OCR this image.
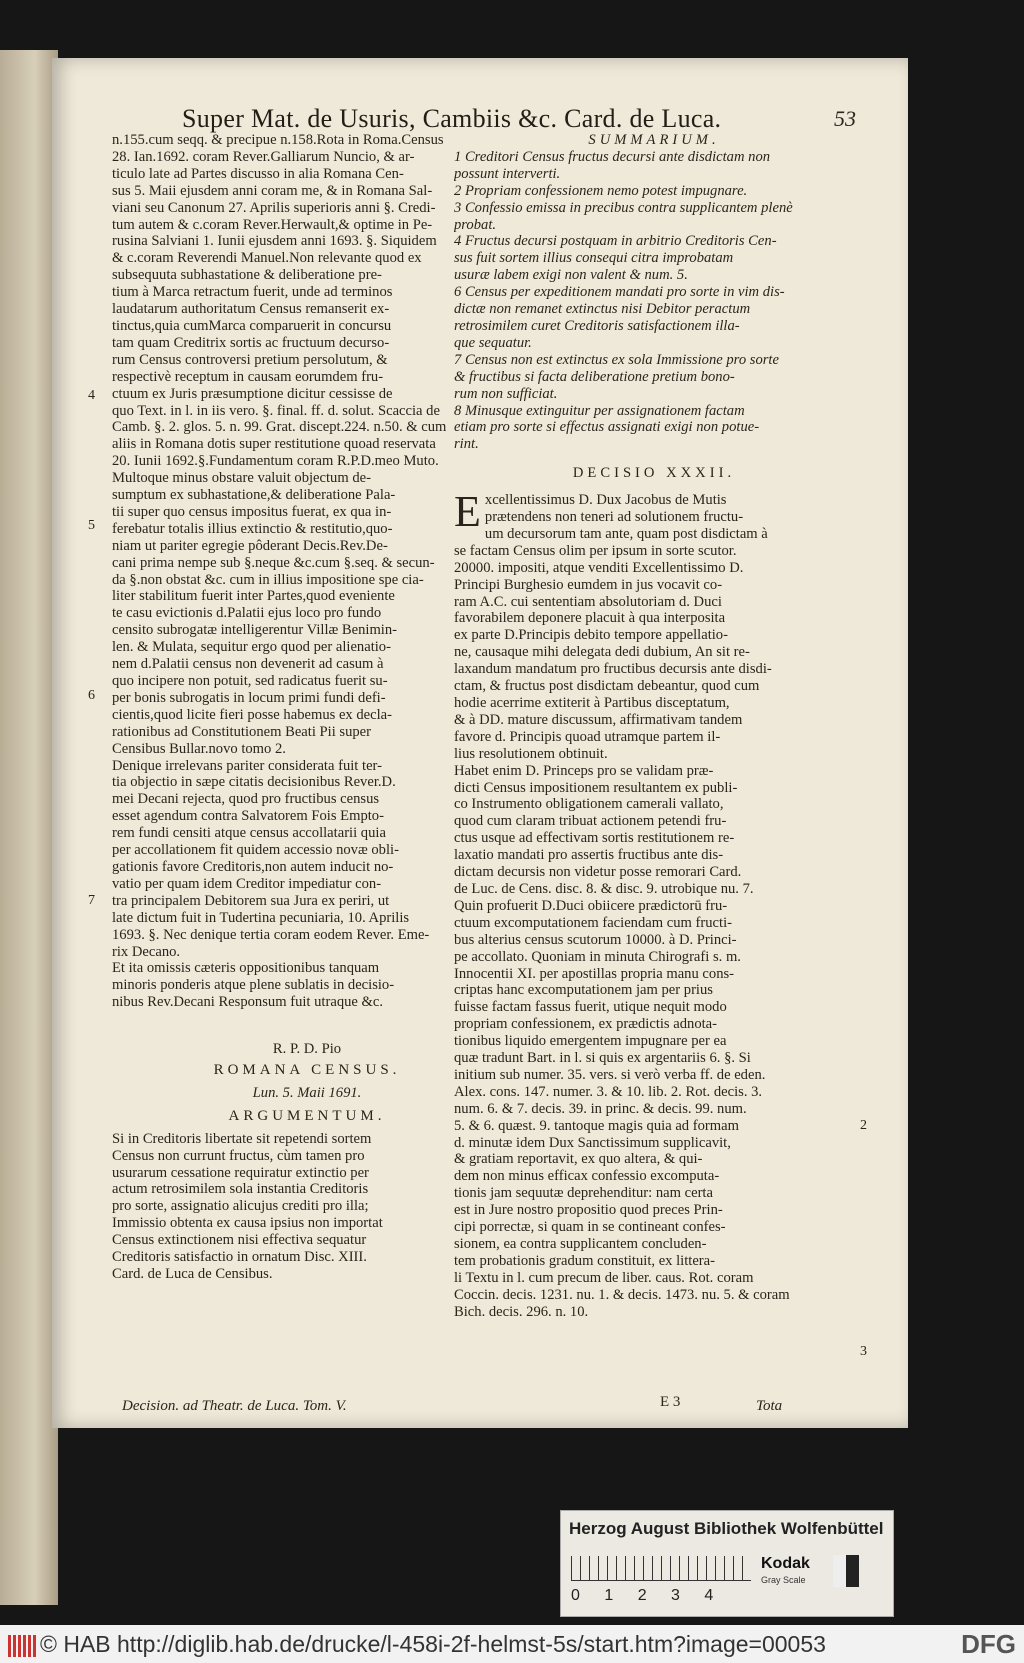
Super Mat. de Usuris, Cambiis &c. Card. de Luca.	53
n.155.cum seqq. & precipue n.158.Rota in Roma.Census
28. Ian.1692. coram Rever.Galliarum Nuncio, & ar-
ticulo late ad Partes discusso in alia Romana Cen-
sus 5. Maii ejusdem anni coram me, & in Romana Sal-
viani seu Canonum 27. Aprilis superioris anni §. Credi-
tum autem & c.coram Rever.Herwault,& optime in Pe-
rusina Salviani 1. Iunii ejusdem anni 1693. §. Siquidem
& c.coram Reverendi Manuel.Non relevante quod ex
subsequuta subhastatione & deliberatione pre-
tium à Marca retractum fuerit, unde ad terminos
laudatarum authoritatum Census remanserit ex-
tinctus,quia cumMarca comparuerit in concursu
tam quam Creditrix sortis ac fructuum decurso-
rum Census controversi pretium persolutum, &
respectivè receptum in causam eorumdem fru-
ctuum ex Juris præsumptione dicitur cessisse de
quo Text. in l. in iis vero. §. final. ff. d. solut. Scaccia de
Camb. §. 2. glos. 5. n. 99. Grat. discept.224. n.50. & cum
aliis in Romana dotis super restitutione quoad reservata
20. Iunii 1692.§.Fundamentum coram R.P.D.meo Muto.
Multoque minus obstare valuit objectum de-
sumptum ex subhastatione,& deliberatione Pala-
tii super quo census impositus fuerat, ex qua in-
ferebatur totalis illius extinctio & restitutio,quo-
niam ut pariter egregie pôderant Decis.Rev.De-
cani prima nempe sub §.neque &c.cum §.seq. & secun-
da §.non obstat &c. cum in illius impositione spe cia-
liter stabilitum fuerit inter Partes,quod eveniente
te casu evictionis d.Palatii ejus loco pro fundo
censito subrogatæ intelligerentur Villæ Benimin-
len. & Mulata, sequitur ergo quod per alienatio-
nem d.Palatii census non devenerit ad casum à
quo incipere non potuit, sed radicatus fuerit su-
per bonis subrogatis in locum primi fundi defi-
cientis,quod licite fieri posse habemus ex decla-
rationibus ad Constitutionem Beati Pii super
Censibus Bullar.novo tomo 2.
Denique irrelevans pariter considerata fuit ter-
tia objectio in sæpe citatis decisionibus Rever.D.
mei Decani rejecta, quod pro fructibus census
esset agendum contra Salvatorem Fois Empto-
rem fundi censiti atque census accollatarii quia
per accollationem fit quidem accessio novæ obli-
gationis favore Creditoris,non autem inducit no-
vatio per quam idem Creditor impediatur con-
tra principalem Debitorem sua Jura ex periri, ut
late dictum fuit in Tudertina pecuniaria, 10. Aprilis
1693. §. Nec denique tertia coram eodem Rever. Eme-
rix Decano.
Et ita omissis cæteris oppositionibus tanquam
minoris ponderis atque plene sublatis in decisio-
nibus Rev.Decani Responsum fuit utraque &c.
R. P. D. Pio
ROMANA CENSUS.
Lun. 5. Maii 1691.
ARGUMENTUM.
Si in Creditoris libertate sit repetendi sortem
Census non currunt fructus, cùm tamen pro
usurarum cessatione requiratur extinctio per
actum retrosimilem sola instantia Creditoris
pro sorte, assignatio alicujus crediti pro illa;
Immissio obtenta ex causa ipsius non importat
Census extinctionem nisi effectiva sequatur
Creditoris satisfactio in ornatum Disc. XIII.
Card. de Luca de Censibus.
SUMMARIUM.
1 Creditori Census fructus decursi ante disdictam non
possunt interverti.
2 Propriam confessionem nemo potest impugnare.
3 Confessio emissa in precibus contra supplicantem plenè
probat.
4 Fructus decursi postquam in arbitrio Creditoris Cen-
sus fuit sortem illius consequi citra improbatam
usuræ labem exigi non valent & num. 5.
6 Census per expeditionem mandati pro sorte in vim dis-
dictæ non remanet extinctus nisi Debitor peractum
retrosimilem curet Creditoris satisfactionem illa-
que sequatur.
7 Census non est extinctus ex sola Immissione pro sorte
& fructibus si facta deliberatione pretium bono-
rum non sufficiat.
8 Minusque extinguitur per assignationem factam
etiam pro sorte si effectus assignati exigi non potue-
rint.
DECISIO XXXII.
E xcellentissimus D. Dux Jacobus de Mutis
prætendens non teneri ad solutionem fructu-
um decursorum tam ante, quam post disdictam à
se factam Census olim per ipsum in sorte scutor.
20000. impositi, atque venditi Excellentissimo D.
Principi Burghesio eumdem in jus vocavit co-
ram A.C. cui sententiam absolutoriam d. Duci
favorabilem deponere placuit à qua interposita
ex parte D.Principis debito tempore appellatio-
ne, causaque mihi delegata dedi dubium, An sit re-
laxandum mandatum pro fructibus decursis ante disdi-
ctam, & fructus post disdictam debeantur, quod cum
hodie acerrime extiterit à Partibus disceptatum,
& à DD. mature discussum, affirmativam tandem
favore d. Principis quoad utramque partem il-
lius resolutionem obtinuit.
Habet enim D. Princeps pro se validam præ-
dicti Census impositionem resultantem ex publi-
co Instrumento obligationem camerali vallato,
quod cum claram tribuat actionem petendi fru-
ctus usque ad effectivam sortis restitutionem re-
laxatio mandati pro assertis fructibus ante dis-
dictam decursis non videtur posse remorari Card.
de Luc. de Cens. disc. 8. & disc. 9. utrobique nu. 7.
Quin profuerit D.Duci obiicere prædictorū fru-
ctuum excomputationem faciendam cum fructi-
bus alterius census scutorum 10000. à D. Princi-
pe accollato. Quoniam in minuta Chirografi s. m.
Innocentii XI. per apostillas propria manu cons-
criptas hanc excomputationem jam per prius
fuisse factam fassus fuerit, utique nequit modo
propriam confessionem, ex prædictis adnota-
tionibus liquido emergentem impugnare per ea
quæ tradunt Bart. in l. si quis ex argentariis 6. §. Si
initium sub numer. 35. vers. si verò verba ff. de eden.
Alex. cons. 147. numer. 3. & 10. lib. 2. Rot. decis. 3.
num. 6. & 7. decis. 39. in princ. & decis. 99. num.
5. & 6. quæst. 9. tantoque magis quia ad formam
d. minutæ idem Dux Sanctissimum supplicavit,
& gratiam reportavit, ex quo altera, & qui-
dem non minus efficax confessio excomputa-
tionis jam sequutæ deprehenditur: nam certa
est in Jure nostro propositio quod preces Prin-
cipi porrectæ, si quam in se contineant confes-
sionem, ea contra supplicantem concluden-
tem probationis gradum constituit, ex littera-
li Textu in l. cum precum de liber. caus. Rot. coram
Coccin. decis. 1231. nu. 1. & decis. 1473. nu. 5. & coram
Bich. decis. 296. n. 10.
4
5
6
7
2
3
Decision. ad Theatr. de Luca. Tom. V.	E 3	Tota
Herzog August Bibliothek Wolfenbüttel
0 1 2 3 4
Kodak
Gray Scale
© HAB http://diglib.hab.de/drucke/l-458i-2f-helmst-5s/start.htm?image=00053	DFG
